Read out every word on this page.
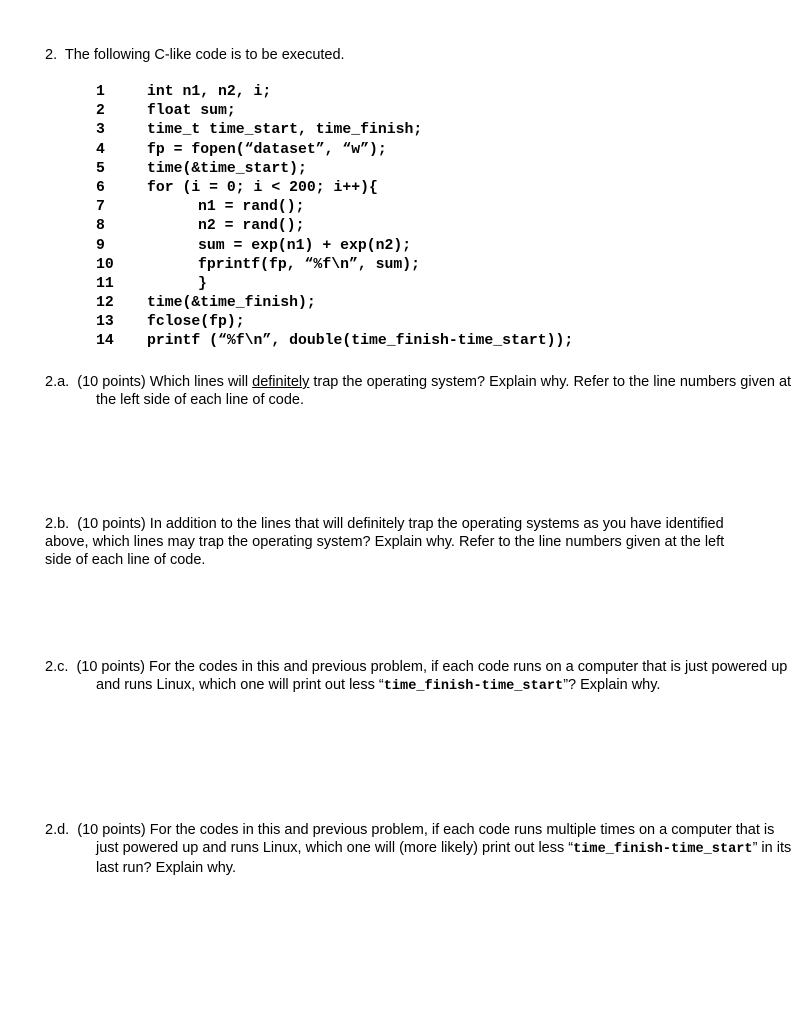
2. The following C-like code is to be executed.
1	int n1, n2, i;
2	float sum;
3	time_t time_start, time_finish;
4	fp = fopen(“dataset”, “w”);
5	time(&time_start);
6	for (i = 0; i < 200; i++){
7	n1 = rand();
8	n2 = rand();
9	sum = exp(n1) + exp(n2);
10	fprintf(fp, “%f\n”, sum);
11	}
12 time(&time_finish);
13 fclose(fp);
14 printf (“%f\n”, double(time_finish-time_start));
2.a. (10 points) Which lines will definitely trap the operating system? Explain why. Refer to the line numbers given at the left side of each line of code.
2.b. (10 points) In addition to the lines that will definitely trap the operating systems as you have identified above, which lines may trap the operating system? Explain why. Refer to the line numbers given at the left side of each line of code.
2.c. (10 points) For the codes in this and previous problem, if each code runs on a computer that is just powered up and runs Linux, which one will print out less “time_finish-time_start”? Explain why.
2.d. (10 points) For the codes in this and previous problem, if each code runs multiple times on a computer that is just powered up and runs Linux, which one will (more likely) print out less “time_finish-time_start” in its last run? Explain why.
